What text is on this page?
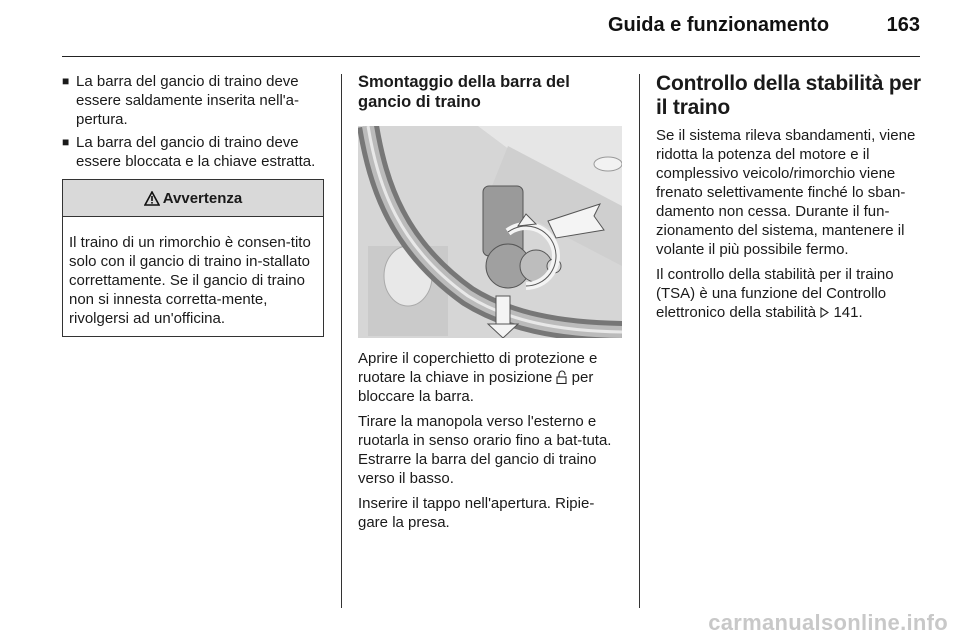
Guida e funzionamento	163
■ La barra del gancio di traino deve essere saldamente inserita nell'a-pertura.
■ La barra del gancio di traino deve essere bloccata e la chiave estratta.
Avvertenza
Il traino di un rimorchio è consen-tito solo con il gancio di traino in-stallato correttamente. Se il gancio di traino non si innesta corretta-mente, rivolgersi ad un'officina.
Smontaggio della barra del gancio di traino

Aprire il coperchietto di protezione e ruotare la chiave in posizione per bloccare la barra.

Tirare la manopola verso l'esterno e ruotarla in senso orario fino a bat-tuta. Estrarre la barra del gancio di traino verso il basso.

Inserire il tappo nell'apertura. Ripie-gare la presa.

Controllo della stabilità per il traino

Se il sistema rileva sbandamenti, viene ridotta la potenza del motore e il complessivo veicolo/rimorchio viene frenato selettivamente finché lo sban-damento non cessa. Durante il fun-zionamento del sistema, mantenere il volante il più possibile fermo.

Il controllo della stabilità per il traino (TSA) è una funzione del Controllo elettronico della stabilità 141.

carmanualsonline.info
